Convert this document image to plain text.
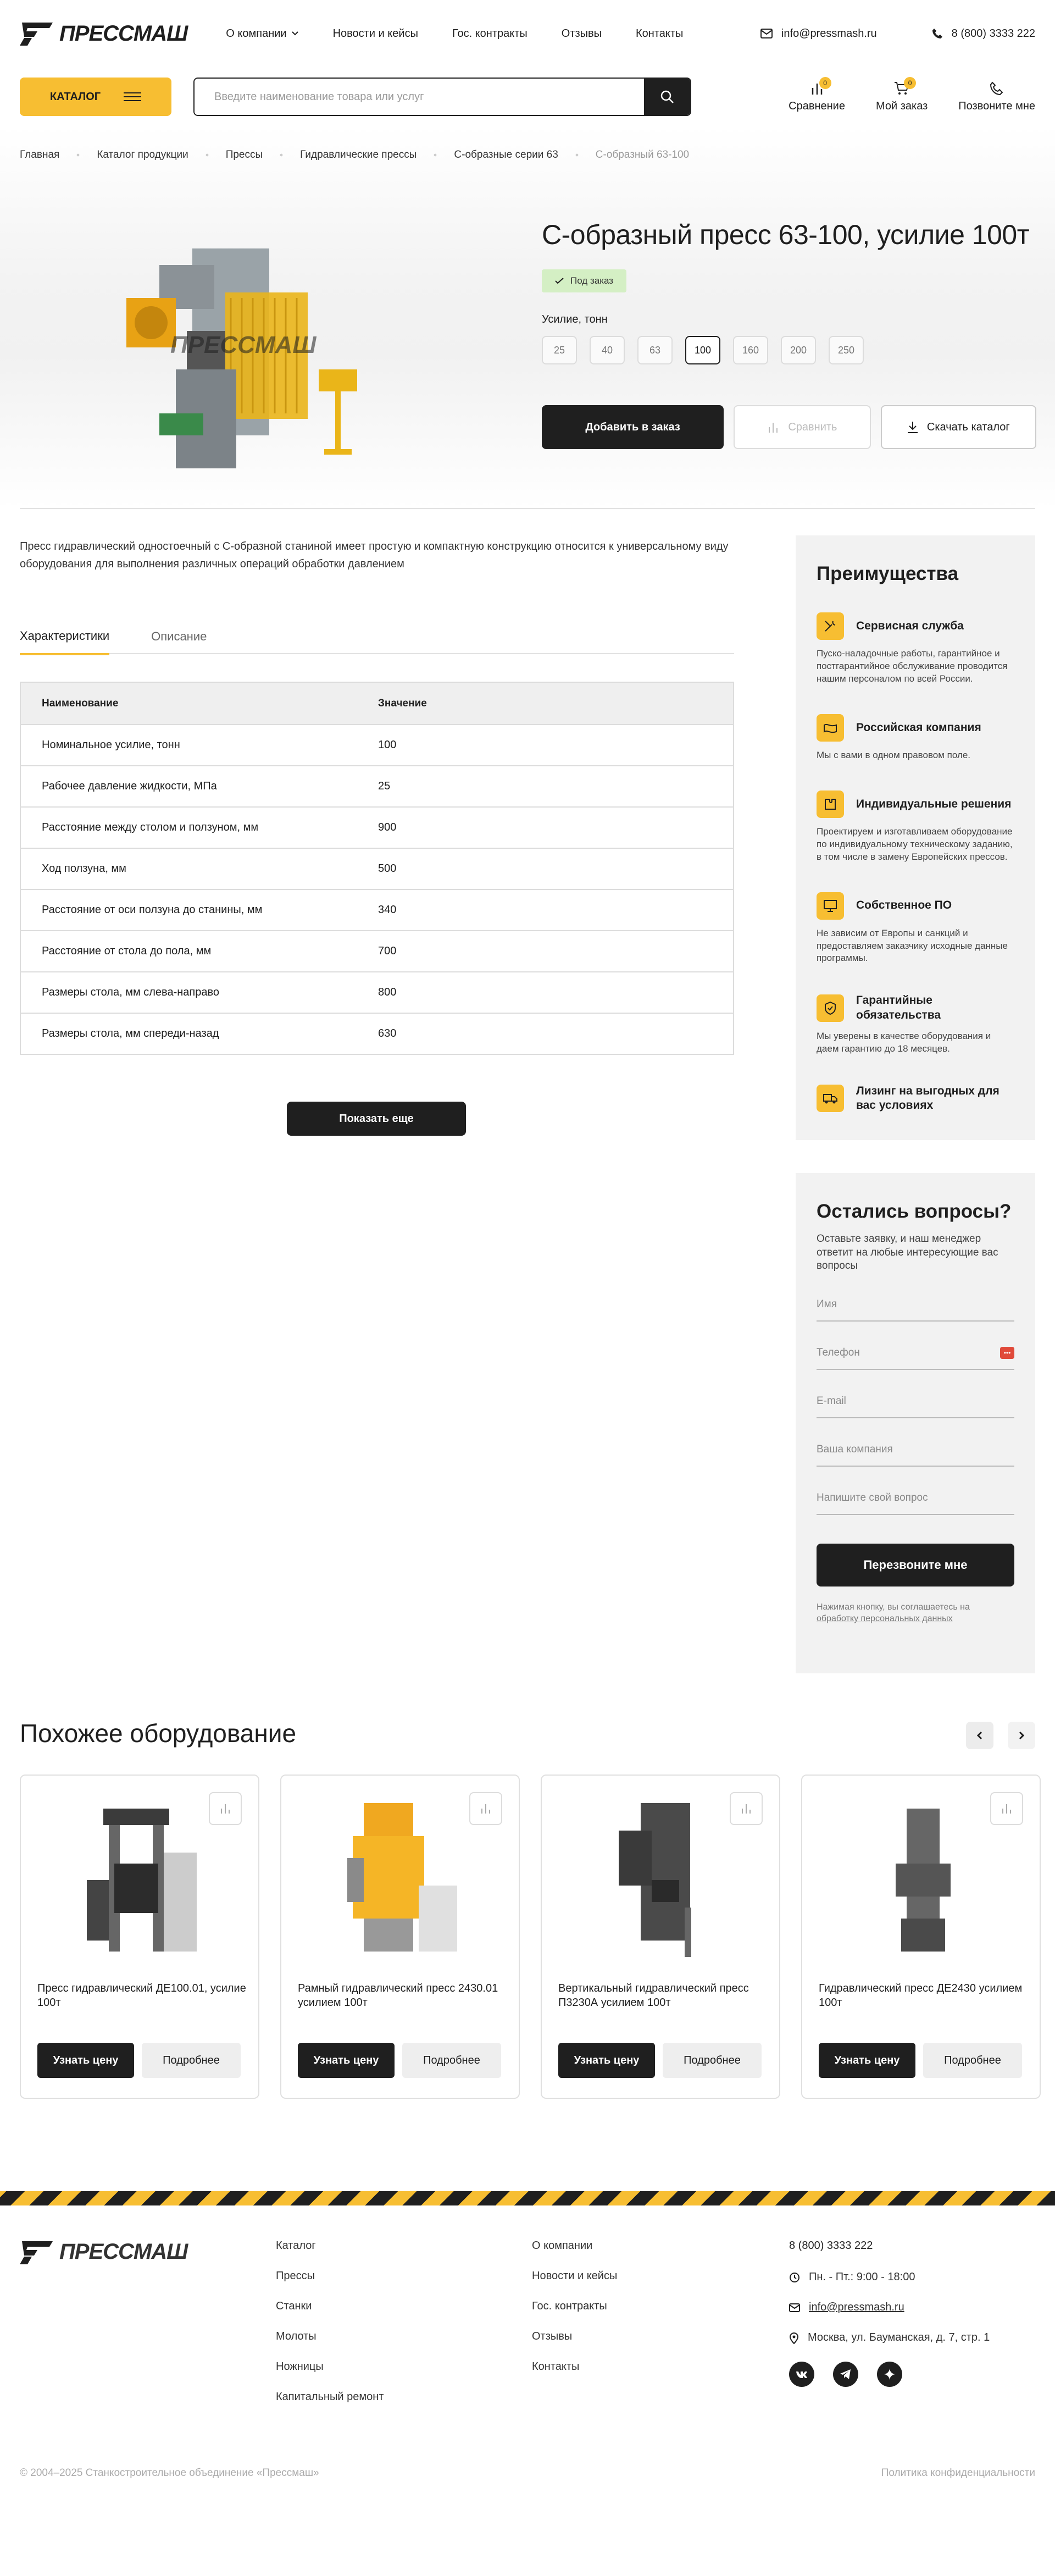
ПРЕССМАШ	О компании	Новости и кейсы	Гос. контракты	Отзывы	Контакты	info@pressmash.ru	8 (800) 3333 222
КАТАЛОГ
Введите наименование товара или услуг
0
Сравнение
0
Мой заказ	Позвоните мне
Главная	Каталог продукции	Прессы	Гидравлические прессы	С-образные серии 63	С-образный 63-100
ПРЕССМАШ
С-образный пресс 63-100, усилие 100т
Под заказ
Усилие, тонн
25	40	63	100	160	200	250
Добавить в заказ	Сравнить	Скачать каталог

Пресс гидравлический одностоечный с С-образной станиной имеет простую и компактную конструкцию относится к универсальному виду оборудования для выполнения различных операций обработки давлением

Характеристики	Описание
Наименование	Значение
Номинальное усилие, тонн	100
Рабочее давление жидкости, МПа	25
Расстояние между столом и ползуном, мм	900
Ход ползуна, мм	500
Расстояние от оси ползуна до станины, мм	340
Расстояние от стола до пола, мм	700
Размеры стола, мм слева-направо	800
Размеры стола, мм спереди-назад	630
Показать еще
Преимущества
Сервисная служба
Пуско-наладочные работы, гарантийное и постгарантийное обслуживание проводится нашим персоналом по всей России.
Российская компания
Мы с вами в одном правовом поле.
Индивидуальные решения
Проектируем и изготавливаем оборудование по индивидуальному техническому заданию, в том числе в замену Европейских прессов.
Собственное ПО
Не зависим от Европы и санкций и предоставляем заказчику исходные данные программы.
Гарантийные обязательства
Мы уверены в качестве оборудования и даем гарантию до 18 месяцев.
Лизинг на выгодных для вас условиях
Остались вопросы?
Оставьте заявку, и наш менеджер ответит на любые интересующие вас вопросы
Имя
Телефон	•••
E-mail
Ваша компания
Напишите свой вопрос
Перезвоните мне
Нажимая кнопку, вы соглашаетесь на
обработку персональных данных
Похожее оборудование
Пресс гидравлический ДЕ100.01, усилие 100т
Узнать цену	Подробнее
Рамный гидравлический пресс 2430.01 усилием 100т
Узнать цену	Подробнее
Вертикальный гидравлический пресс П3230А усилием 100т
Узнать цену	Подробнее
Гидравлический пресс ДЕ2430 усилием 100т
Узнать цену	Подробнее
ПРЕССМАШ	Каталог
Прессы
Станки
Молоты
Ножницы
Капитальный ремонт
О компании
Новости и кейсы
Гос. контракты
Отзывы
Контакты
8 (800) 3333 222
Пн. - Пт.: 9:00 - 18:00
info@pressmash.ru
Москва, ул. Бауманская, д. 7, стр. 1
© 2004–2025 Станкостроительное объединение «Прессмаш»	Политика конфиденциальности
